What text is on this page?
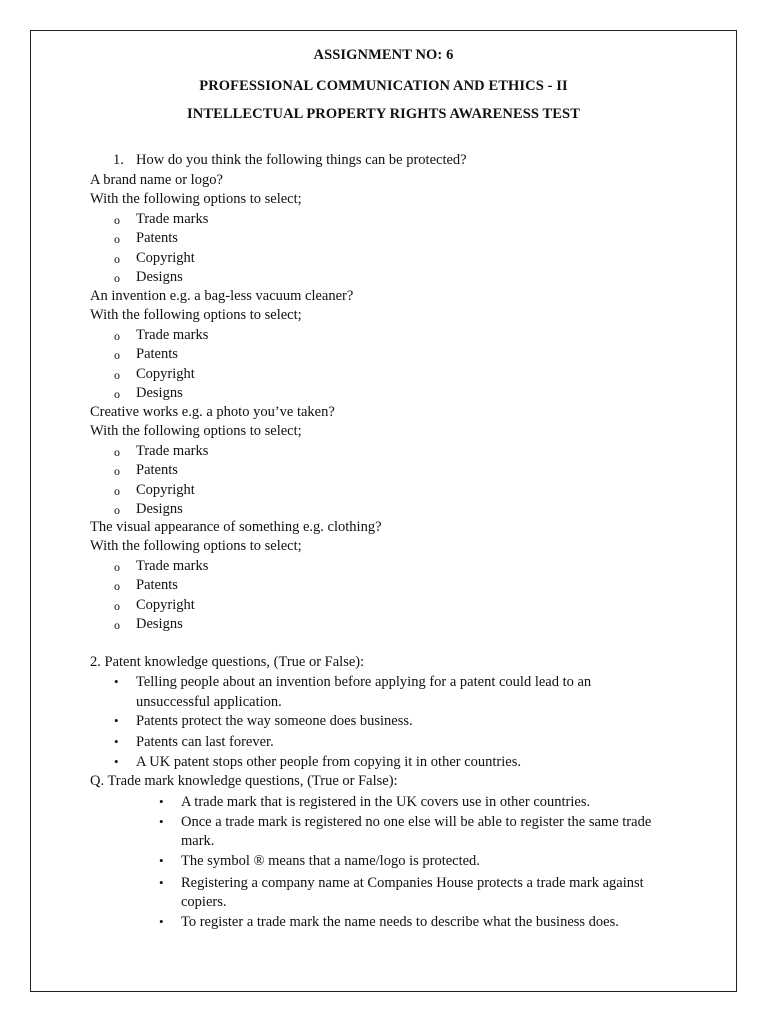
ASSIGNMENT NO: 6
PROFESSIONAL COMMUNICATION AND ETHICS - II
INTELLECTUAL PROPERTY RIGHTS AWARENESS TEST
1. How do you think the following things can be protected?
A brand name or logo?
With the following options to select;
o Trade marks
o Patents
o Copyright
o Designs
An invention e.g. a bag-less vacuum cleaner?
With the following options to select;
o Trade marks
o Patents
o Copyright
o Designs
Creative works e.g. a photo you’ve taken?
With the following options to select;
o Trade marks
o Patents
o Copyright
o Designs
The visual appearance of something e.g. clothing?
With the following options to select;
o Trade marks
o Patents
o Copyright
o Designs
2. Patent knowledge questions, (True or False):
• Telling people about an invention before applying for a patent could lead to an
unsuccessful application.
• Patents protect the way someone does business.
• Patents can last forever.
• A UK patent stops other people from copying it in other countries.
Q. Trade mark knowledge questions, (True or False):
• A trade mark that is registered in the UK covers use in other countries.
• Once a trade mark is registered no one else will be able to register the same trade
mark.
• The symbol ® means that a name/logo is protected.
• Registering a company name at Companies House protects a trade mark against
copiers.
• To register a trade mark the name needs to describe what the business does.
